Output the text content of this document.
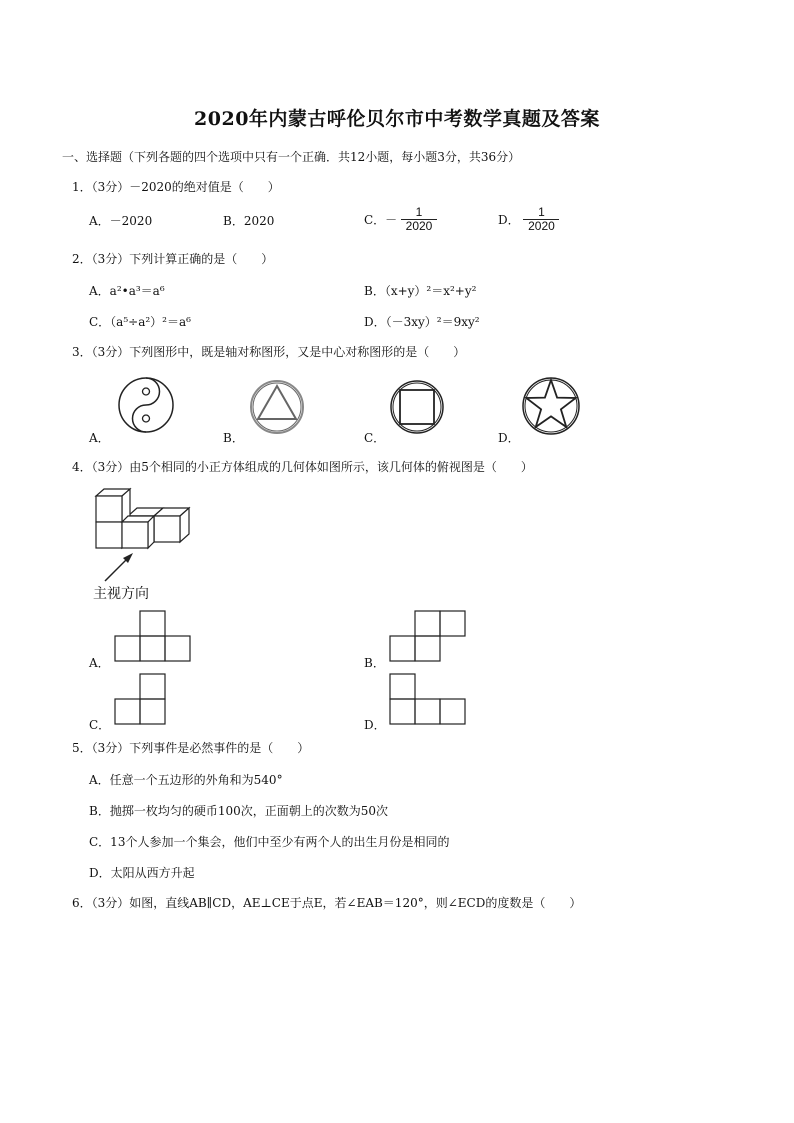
2020年内蒙古呼伦贝尔市中考数学真题及答案
一、选择题（下列各题的四个选项中只有一个正确．共12小题，每小题3分，共36分）
1．（3分）－2020的绝对值是（　　）
A．－2020	B．2020	C．－ $\frac{1}{2020}$	D． $\frac{1}{2020}$
2．（3分）下列计算正确的是（　　）
A．a²•a³＝a⁶	B．（x+y）²＝x²+y²
C．（a⁵÷a²）²＝a⁶	D．（－3xy）²＝9xy²
3．（3分）下列图形中，既是轴对称图形，又是中心对称图形的是（　　）
A．	B．	C．	D．
4．（3分）由5个相同的小正方体组成的几何体如图所示，该几何体的俯视图是（　　）
主视方向
A．	B．
C．	D．
5．（3分）下列事件是必然事件的是（　　）
A．任意一个五边形的外角和为540°
B．抛掷一枚均匀的硬币100次，正面朝上的次数为50次
C．13个人参加一个集会，他们中至少有两个人的出生月份是相同的
D．太阳从西方升起
6．（3分）如图，直线AB∥CD，AE⊥CE于点E，若∠EAB＝120°，则∠ECD的度数是（　　）
